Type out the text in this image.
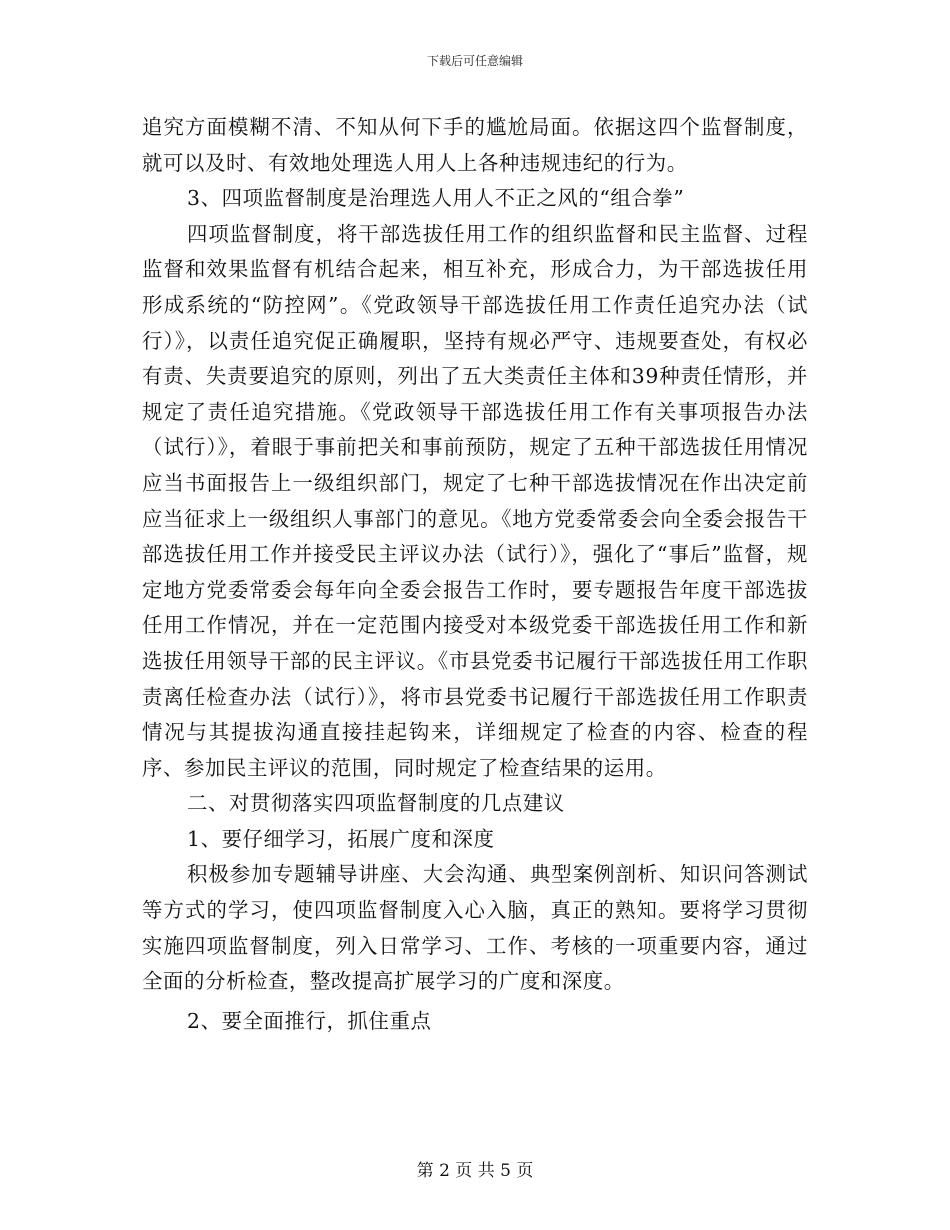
下载后可任意编辑

追究方面模糊不清、不知从何下手的尴尬局面。依据这四个监督制度，就可以及时、有效地处理选人用人上各种违规违纪的行为。

3、四项监督制度是治理选人用人不正之风的“组合拳”

四项监督制度，将干部选拔任用工作的组织监督和民主监督、过程监督和效果监督有机结合起来，相互补充，形成合力，为干部选拔任用形成系统的“防控网”。《党政领导干部选拔任用工作责任追究办法（试行）》，以责任追究促正确履职，坚持有规必严守、违规要查处，有权必有责、失责要追究的原则，列出了五大类责任主体和39种责任情形，并规定了责任追究措施。《党政领导干部选拔任用工作有关事项报告办法（试行）》，着眼于事前把关和事前预防，规定了五种干部选拔任用情况应当书面报告上一级组织部门，规定了七种干部选拔情况在作出决定前应当征求上一级组织人事部门的意见。《地方党委常委会向全委会报告干部选拔任用工作并接受民主评议办法（试行）》，强化了“事后”监督，规定地方党委常委会每年向全委会报告工作时，要专题报告年度干部选拔任用工作情况，并在一定范围内接受对本级党委干部选拔任用工作和新选拔任用领导干部的民主评议。《市县党委书记履行干部选拔任用工作职责离任检查办法（试行）》，将市县党委书记履行干部选拔任用工作职责情况与其提拔沟通直接挂起钩来，详细规定了检查的内容、检查的程序、参加民主评议的范围，同时规定了检查结果的运用。

二、对贯彻落实四项监督制度的几点建议

1、要仔细学习，拓展广度和深度

积极参加专题辅导讲座、大会沟通、典型案例剖析、知识问答测试等方式的学习，使四项监督制度入心入脑，真正的熟知。要将学习贯彻实施四项监督制度，列入日常学习、工作、考核的一项重要内容，通过全面的分析检查，整改提高扩展学习的广度和深度。

2、要全面推行，抓住重点

第 2 页 共 5 页
